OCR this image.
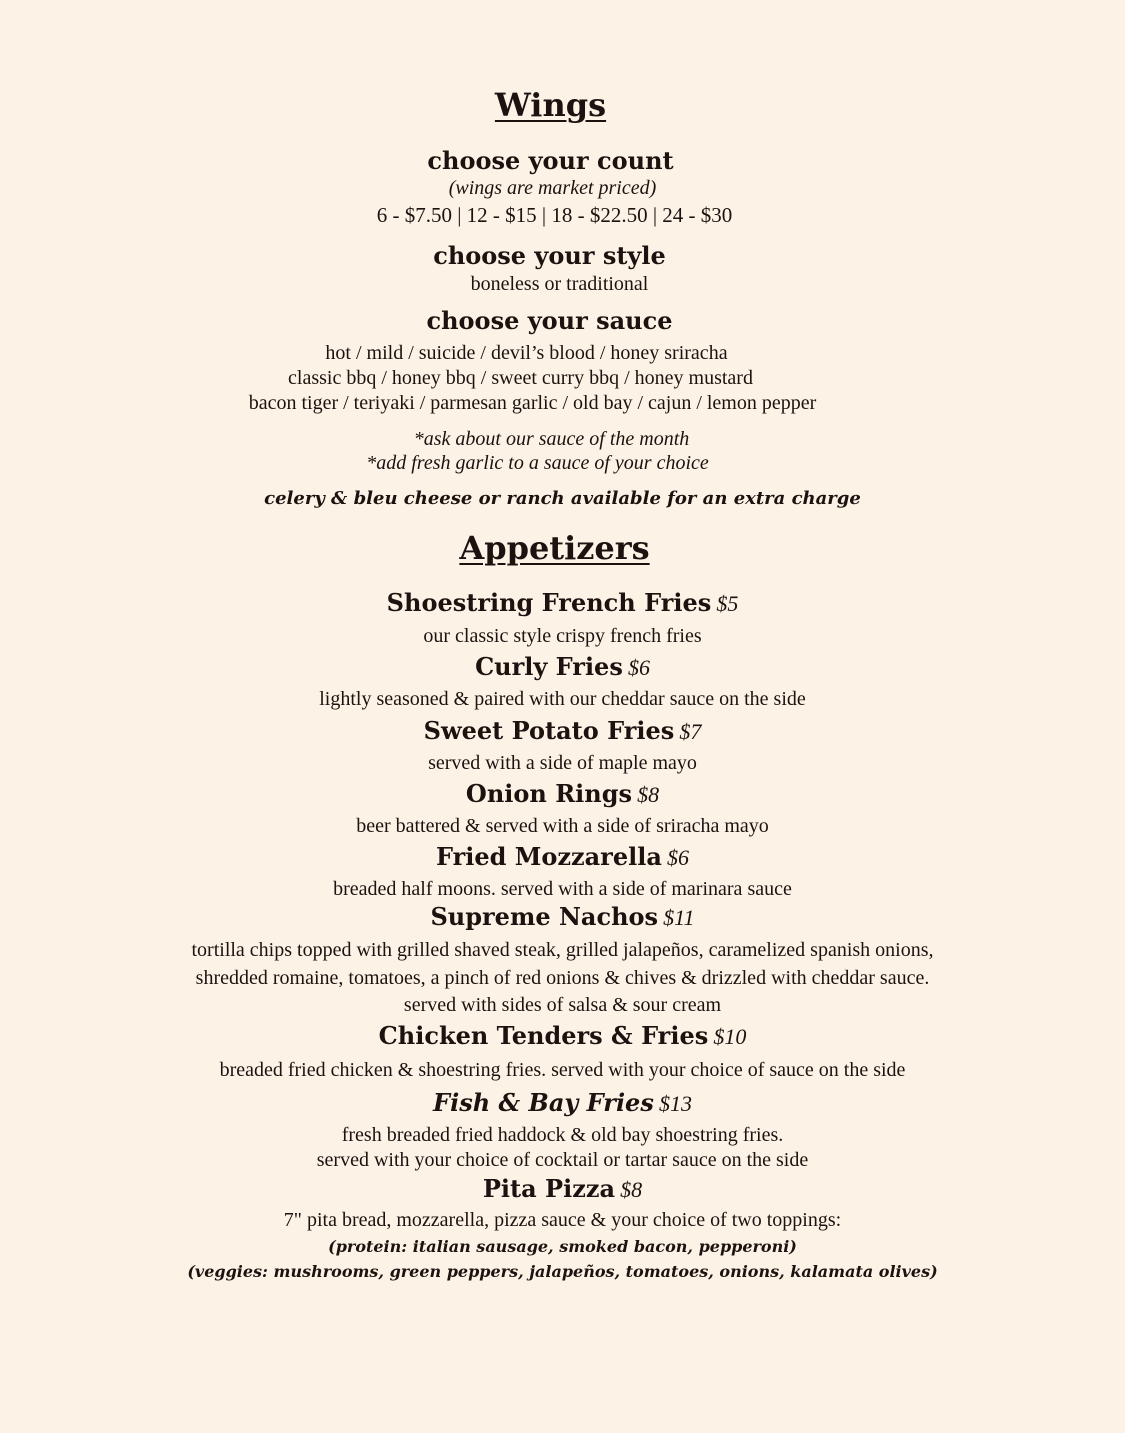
Wings
choose your count
(wings are market priced)
6 - $7.50 | 12 - $15 | 18 - $22.50 | 24 - $30
choose your style
boneless or traditional
choose your sauce
hot / mild / suicide / devil’s blood / honey sriracha
classic bbq / honey bbq / sweet curry bbq / honey mustard
bacon tiger / teriyaki / parmesan garlic / old bay / cajun / lemon pepper
*ask about our sauce of the month
*add fresh garlic to a sauce of your choice
celery & bleu cheese or ranch available for an extra charge
Appetizers
Shoestring French Fries $5
our classic style crispy french fries
Curly Fries $6
lightly seasoned & paired with our cheddar sauce on the side
Sweet Potato Fries $7
served with a side of maple mayo
Onion Rings $8
beer battered & served with a side of sriracha mayo
Fried Mozzarella $6
breaded half moons. served with a side of marinara sauce
Supreme Nachos $11
tortilla chips topped with grilled shaved steak, grilled jalapeños, caramelized spanish onions,
shredded romaine, tomatoes, a pinch of red onions & chives & drizzled with cheddar sauce.
served with sides of salsa & sour cream
Chicken Tenders & Fries $10
breaded fried chicken & shoestring fries. served with your choice of sauce on the side
Fish & Bay Fries $13
fresh breaded fried haddock & old bay shoestring fries.
served with your choice of cocktail or tartar sauce on the side
Pita Pizza $8
7" pita bread, mozzarella, pizza sauce & your choice of two toppings:
(protein: italian sausage, smoked bacon, pepperoni)
(veggies: mushrooms, green peppers, jalapeños, tomatoes, onions, kalamata olives)
